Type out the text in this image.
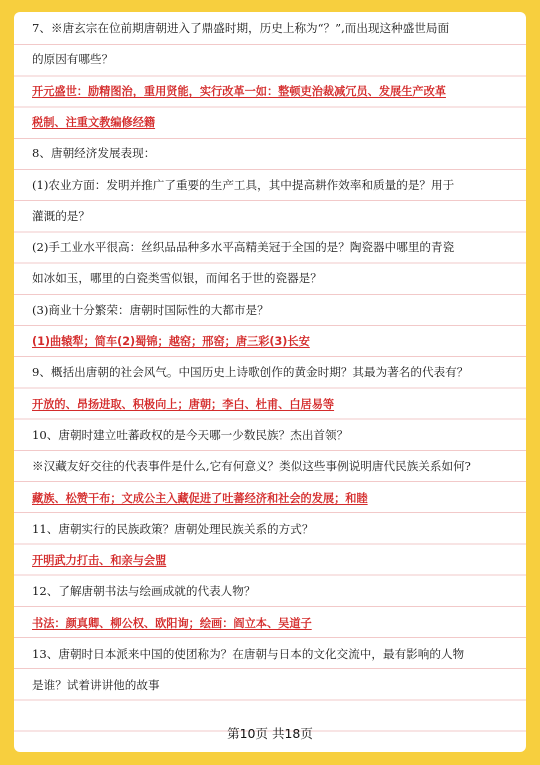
7、※唐玄宗在位前期唐朝进入了鼎盛时期，历史上称为“？”,而出现这种盛世局面
的原因有哪些？
开元盛世：励精图治，重用贤能，实行改革一如：整顿吏治裁减冗员、发展生产改革
税制、注重文教编修经籍
8、唐朝经济发展表现：
(1)农业方面：发明并推广了重要的生产工具，其中提高耕作效率和质量的是？用于
灌溉的是？
(2)手工业水平很高：丝织品品种多水平高精美冠于全国的是？陶瓷器中哪里的青瓷
如冰如玉，哪里的白瓷类雪似银，而闻名于世的瓷器是？
(3)商业十分繁荣：唐朝时国际性的大都市是？
(1)曲辕犁；简车(2)蜀锦；越窑；邢窑；唐三彩(3)长安
9、概括出唐朝的社会风气。中国历史上诗歌创作的黄金时期？其最为著名的代表有？
开放的、昂扬进取、积极向上；唐朝；李白、杜甫、白居易等
10、唐朝时建立吐蕃政权的是今天哪一少数民族？杰出首领？
※汉藏友好交往的代表事件是什么,它有何意义？类似这些事例说明唐代民族关系如何?
藏族、松赞干布；文成公主入藏促进了吐蕃经济和社会的发展；和睦
11、唐朝实行的民族政策？唐朝处理民族关系的方式？
开明武力打击、和亲与会盟
12、了解唐朝书法与绘画成就的代表人物？
书法：颜真卿、柳公权、欧阳询；绘画：阎立本、吴道子
13、唐朝时日本派来中国的使团称为？在唐朝与日本的文化交流中，最有影响的人物
是谁？试着讲讲他的故事
第10页 共18页
